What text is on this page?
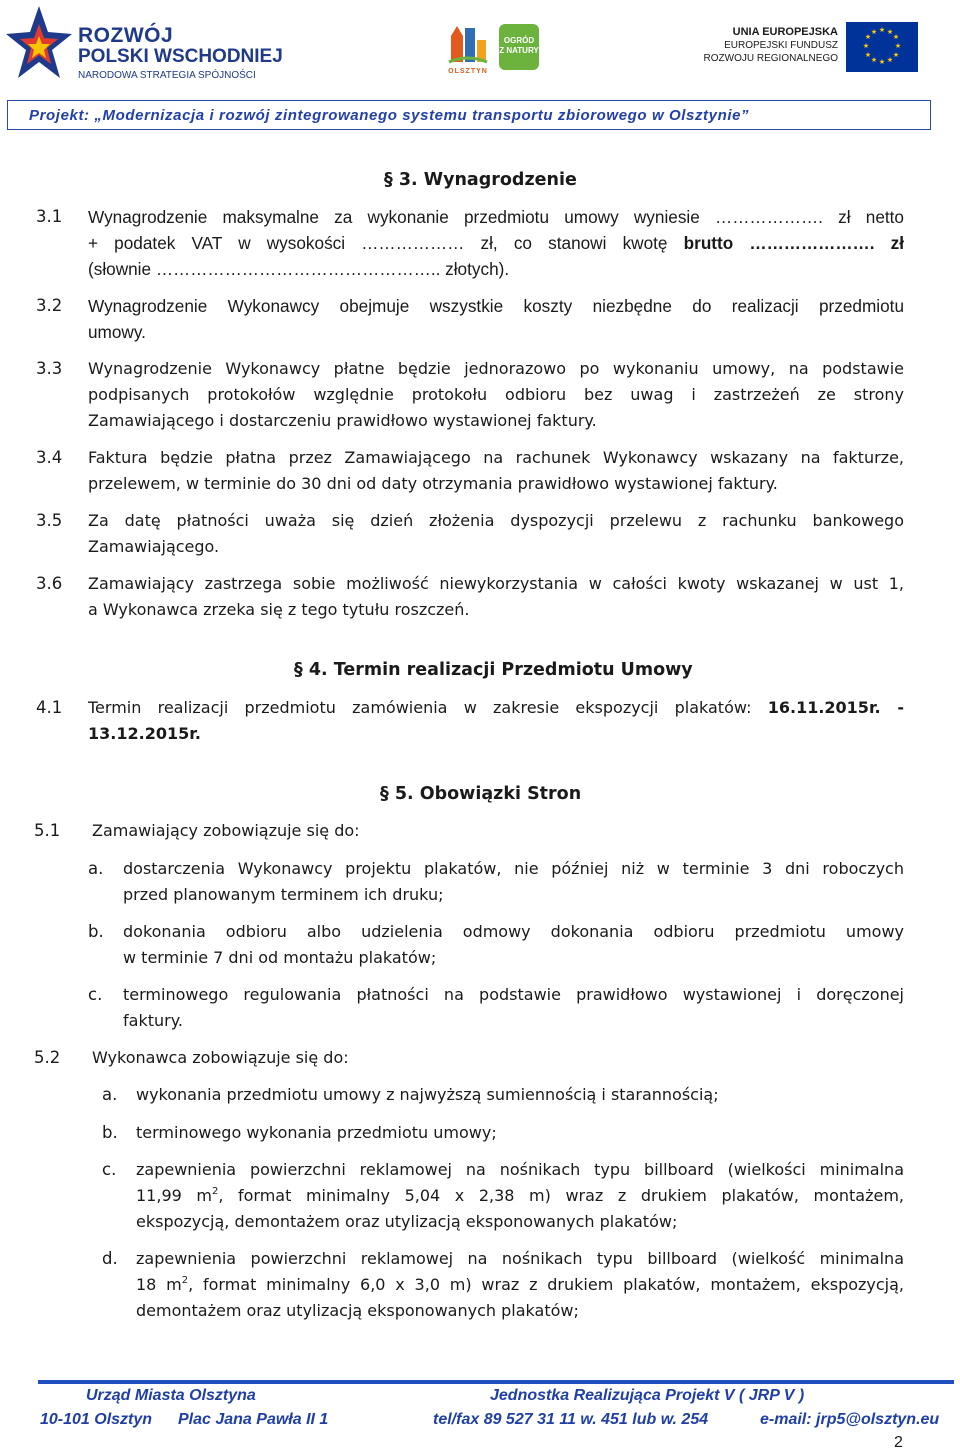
ROZWÓJ
POLSKI WSCHODNIEJ
NARODOWA STRATEGIA SPÓJNOŚCI	OLSZTYN
OGRÓD
Z NATURY
UNIA EUROPEJSKA
EUROPEJSKI FUNDUSZ
ROZWOJU REGIONALNEGO
★ ★
★
★
★
★
★
★
★
★
★
★
Projekt: „Modernizacja i rozwój zintegrowanego systemu transportu zbiorowego w Olsztynie”
§ 3. Wynagrodzenie
3.1 Wynagrodzenie maksymalne za wykonanie przedmiotu umowy wyniesie ………………. zł netto
+ podatek VAT w wysokości ……………… zł, co stanowi kwotę brutto …………………. zł
(słownie ………………………………………….. złotych).
3.2 Wynagrodzenie Wykonawcy obejmuje wszystkie koszty niezbędne do realizacji przedmiotu
umowy.
3.3 Wynagrodzenie Wykonawcy płatne będzie jednorazowo po wykonaniu umowy, na podstawie
podpisanych protokołów względnie protokołu odbioru bez uwag i zastrzeżeń ze strony
Zamawiającego i dostarczeniu prawidłowo wystawionej faktury.
3.4 Faktura będzie płatna przez Zamawiającego na rachunek Wykonawcy wskazany na fakturze,
przelewem, w terminie do 30 dni od daty otrzymania prawidłowo wystawionej faktury.
3.5 Za datę płatności uważa się dzień złożenia dyspozycji przelewu z rachunku bankowego
Zamawiającego.
3.6 Zamawiający zastrzega sobie możliwość niewykorzystania w całości kwoty wskazanej w ust 1,
a Wykonawca zrzeka się z tego tytułu roszczeń.
§ 4. Termin realizacji Przedmiotu Umowy
4.1 Termin realizacji przedmiotu zamówienia w zakresie ekspozycji plakatów: 16.11.2015r. -
13.12.2015r.
§ 5. Obowiązki Stron
5.1 Zamawiający zobowiązuje się do:
a. dostarczenia Wykonawcy projektu plakatów, nie później niż w terminie 3 dni roboczych
przed planowanym terminem ich druku;
b. dokonania odbioru albo udzielenia odmowy dokonania odbioru przedmiotu umowy
w terminie 7 dni od montażu plakatów;
c. terminowego regulowania płatności na podstawie prawidłowo wystawionej i doręczonej
faktury.
5.2 Wykonawca zobowiązuje się do:
a. wykonania przedmiotu umowy z najwyższą sumiennością i starannością;
b. terminowego wykonania przedmiotu umowy;
c. zapewnienia powierzchni reklamowej na nośnikach typu billboard (wielkości minimalna
11,99 $m^2$, format minimalny 5,04 x 2,38 m) wraz z drukiem plakatów, montażem,
ekspozycją, demontażem oraz utylizacją eksponowanych plakatów;
d. zapewnienia powierzchni reklamowej na nośnikach typu billboard (wielkość minimalna
18 $m^2$, format minimalny 6,0 x 3,0 m) wraz z drukiem plakatów, montażem, ekspozycją,
demontażem oraz utylizacją eksponowanych plakatów;
Urząd Miasta Olsztyna	Jednostka Realizująca Projekt V ( JRP V )
10-101 Olsztyn Plac Jana Pawła II 1	tel/fax 89 527 31 11 w. 451 lub w. 254	e-mail: jrp5@olsztyn.eu
2
